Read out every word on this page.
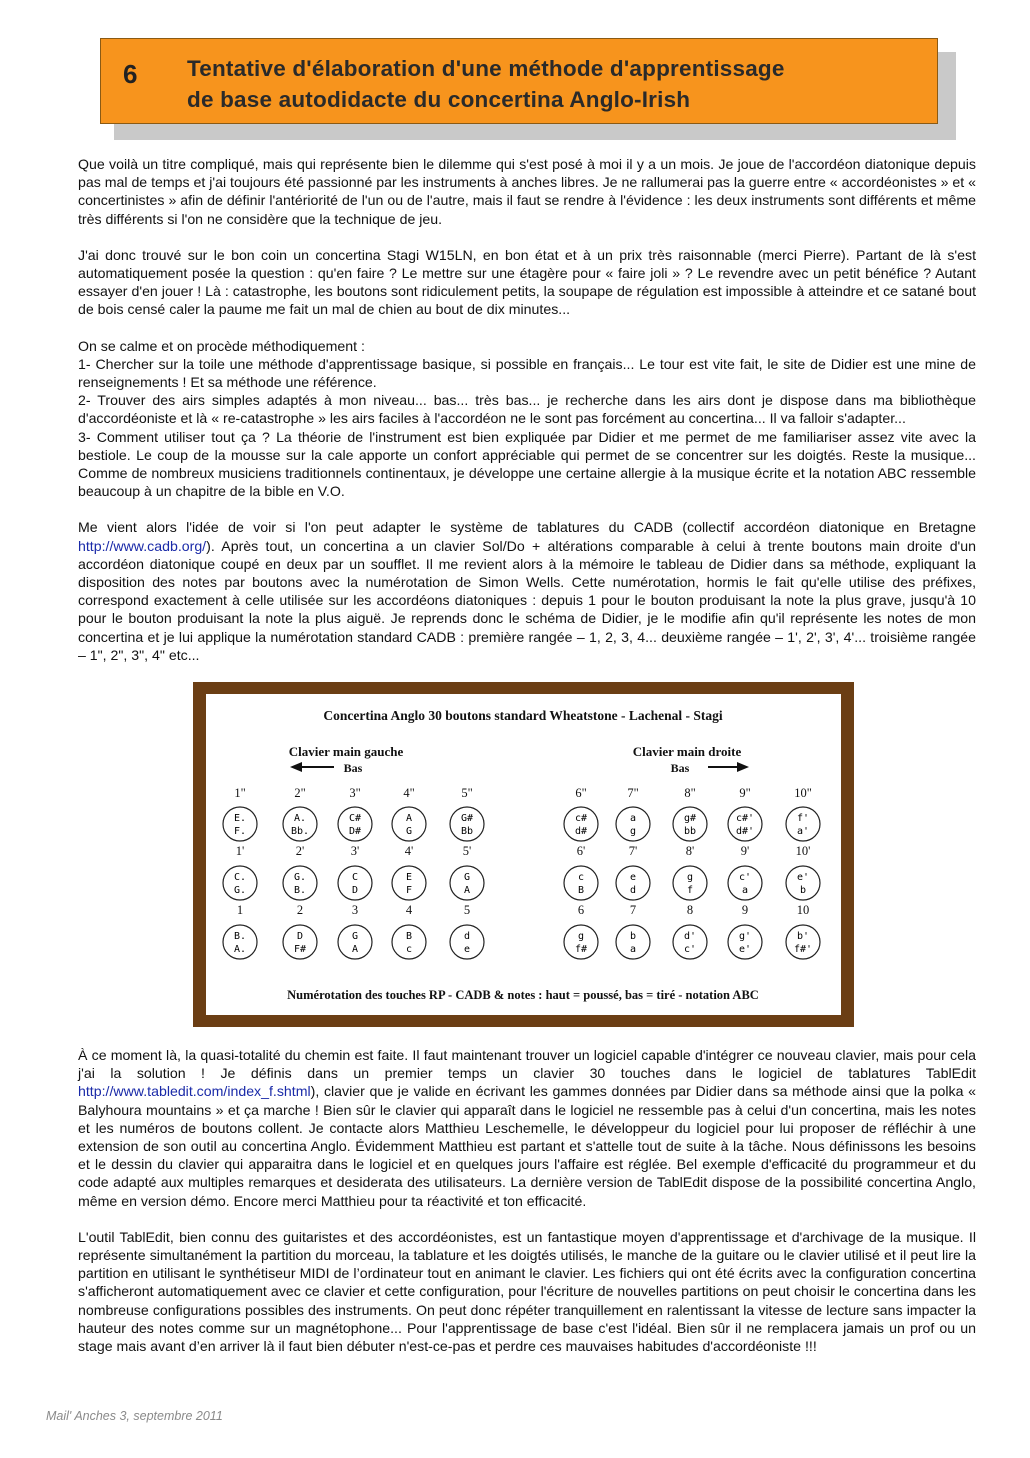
6 Tentative d'élaboration d'une méthode d'apprentissage
de base autodidacte du concertina Anglo-Irish

Que voilà un titre compliqué, mais qui représente bien le dilemme qui s'est posé à moi il y a un mois. Je joue de l'accordéon diatonique depuis pas mal de temps et j'ai toujours été passionné par les instruments à anches libres. Je ne rallumerai pas la guerre entre « accordéonistes » et « concertinistes » afin de définir l'antériorité de l'un ou de l'autre, mais il faut se rendre à l'évidence : les deux instruments sont différents et même très différents si l'on ne considère que la technique de jeu.

J'ai donc trouvé sur le bon coin un concertina Stagi W15LN, en bon état et à un prix très raisonnable (merci Pierre). Partant de là s'est automatiquement posée la question : qu'en faire ? Le mettre sur une étagère pour « faire joli » ? Le revendre avec un petit bénéfice ? Autant essayer d'en jouer ! Là : catastrophe, les boutons sont ridiculement petits, la soupape de régulation est impossible à atteindre et ce satané bout de bois censé caler la paume me fait un mal de chien au bout de dix minutes...

On se calme et on procède méthodiquement :
1- Chercher sur la toile une méthode d'apprentissage basique, si possible en français... Le tour est vite fait, le site de Didier est une mine de renseignements ! Et sa méthode une référence.
2- Trouver des airs simples adaptés à mon niveau... bas... très bas... je recherche dans les airs dont je dispose dans ma bibliothèque d'accordéoniste et là « re-catastrophe » les airs faciles à l'accordéon ne le sont pas forcément au concertina... Il va falloir s'adapter...
3- Comment utiliser tout ça ? La théorie de l'instrument est bien expliquée par Didier et me permet de me familiariser assez vite avec la bestiole. Le coup de la mousse sur la cale apporte un confort appréciable qui permet de se concentrer sur les doigtés. Reste la musique... Comme de nombreux musiciens traditionnels continentaux, je développe une certaine allergie à la musique écrite et la notation ABC ressemble beaucoup à un chapitre de la bible en V.O.

Me vient alors l'idée de voir si l'on peut adapter le système de tablatures du CADB (collectif accordéon diatonique en Bretagne http://www.cadb.org/). Après tout, un concertina a un clavier Sol/Do + altérations comparable à celui à trente boutons main droite d'un accordéon diatonique coupé en deux par un soufflet. Il me revient alors à la mémoire le tableau de Didier dans sa méthode, expliquant la disposition des notes par boutons avec la numérotation de Simon Wells. Cette numérotation, hormis le fait qu'elle utilise des préfixes, correspond exactement à celle utilisée sur les accordéons diatoniques : depuis 1 pour le bouton produisant la note la plus grave, jusqu'à 10 pour le bouton produisant la note la plus aiguë. Je reprends donc le schéma de Didier, je le modifie afin qu'il représente les notes de mon concertina et je lui applique la numérotation standard CADB : première rangée – 1, 2, 3, 4... deuxième rangée – 1', 2', 3', 4'... troisième rangée – 1", 2", 3", 4" etc...

Concertina Anglo 30 boutons standard Wheatstone - Lachenal - Stagi
Clavier main gauche
Bas
Clavier main droite
Bas
1"
E.
F.
2"
A.
Bb.
3"
C#
D#
4"
A
G
5"
G#
Bb
6"
c#
d#
7"
a
g
8"
g#
bb
9"
c#'
d#'
10"
f'
a'
1'
C.
G.
2'
G.
B.
3'
C
D
4'
E
F
5'
G
A
6'
c
B
7'
e
d
8'
g
f
9'
c'
a
10'
e'
b
1
B.
A.
2
D
F#
3
G
A
4
B
c
5
d
e
6
g
f#
7
b
a
8
d'
c'
9
g'
e'
10
b'
f#'
Numérotation des touches RP - CADB & notes : haut = poussé, bas = tiré - notation ABC

À ce moment là, la quasi-totalité du chemin est faite. Il faut maintenant trouver un logiciel capable d'intégrer ce nouveau clavier, mais pour cela j'ai la solution ! Je définis dans un premier temps un clavier 30 touches dans le logiciel de tablatures TablEdit http://www.tabledit.com/index_f.shtml), clavier que je valide en écrivant les gammes données par Didier dans sa méthode ainsi que la polka « Balyhoura mountains » et ça marche ! Bien sûr le clavier qui apparaît dans le logiciel ne ressemble pas à celui d'un concertina, mais les notes et les numéros de boutons collent. Je contacte alors Matthieu Leschemelle, le développeur du logiciel pour lui proposer de réfléchir à une extension de son outil au concertina Anglo. Évidemment Matthieu est partant et s'attelle tout de suite à la tâche. Nous définissons les besoins et le dessin du clavier qui apparaitra dans le logiciel et en quelques jours l'affaire est réglée. Bel exemple d'efficacité du programmeur et du code adapté aux multiples remarques et desiderata des utilisateurs. La dernière version de TablEdit dispose de la possibilité concertina Anglo, même en version démo. Encore merci Matthieu pour ta réactivité et ton efficacité.

L'outil TablEdit, bien connu des guitaristes et des accordéonistes, est un fantastique moyen d'apprentissage et d'archivage de la musique. Il représente simultanément la partition du morceau, la tablature et les doigtés utilisés, le manche de la guitare ou le clavier utilisé et il peut lire la partition en utilisant le synthétiseur MIDI de l’ordinateur tout en animant le clavier. Les fichiers qui ont été écrits avec la configuration concertina s'afficheront automatiquement avec ce clavier et cette configuration, pour l'écriture de nouvelles partitions on peut choisir le concertina dans les nombreuse configurations possibles des instruments. On peut donc répéter tranquillement en ralentissant la vitesse de lecture sans impacter la hauteur des notes comme sur un magnétophone... Pour l'apprentissage de base c'est l'idéal. Bien sûr il ne remplacera jamais un prof ou un stage mais avant d’en arriver là il faut bien débuter n'est-ce-pas et perdre ces mauvaises habitudes d'accordéoniste !!!

Mail' Anches 3, septembre 2011
